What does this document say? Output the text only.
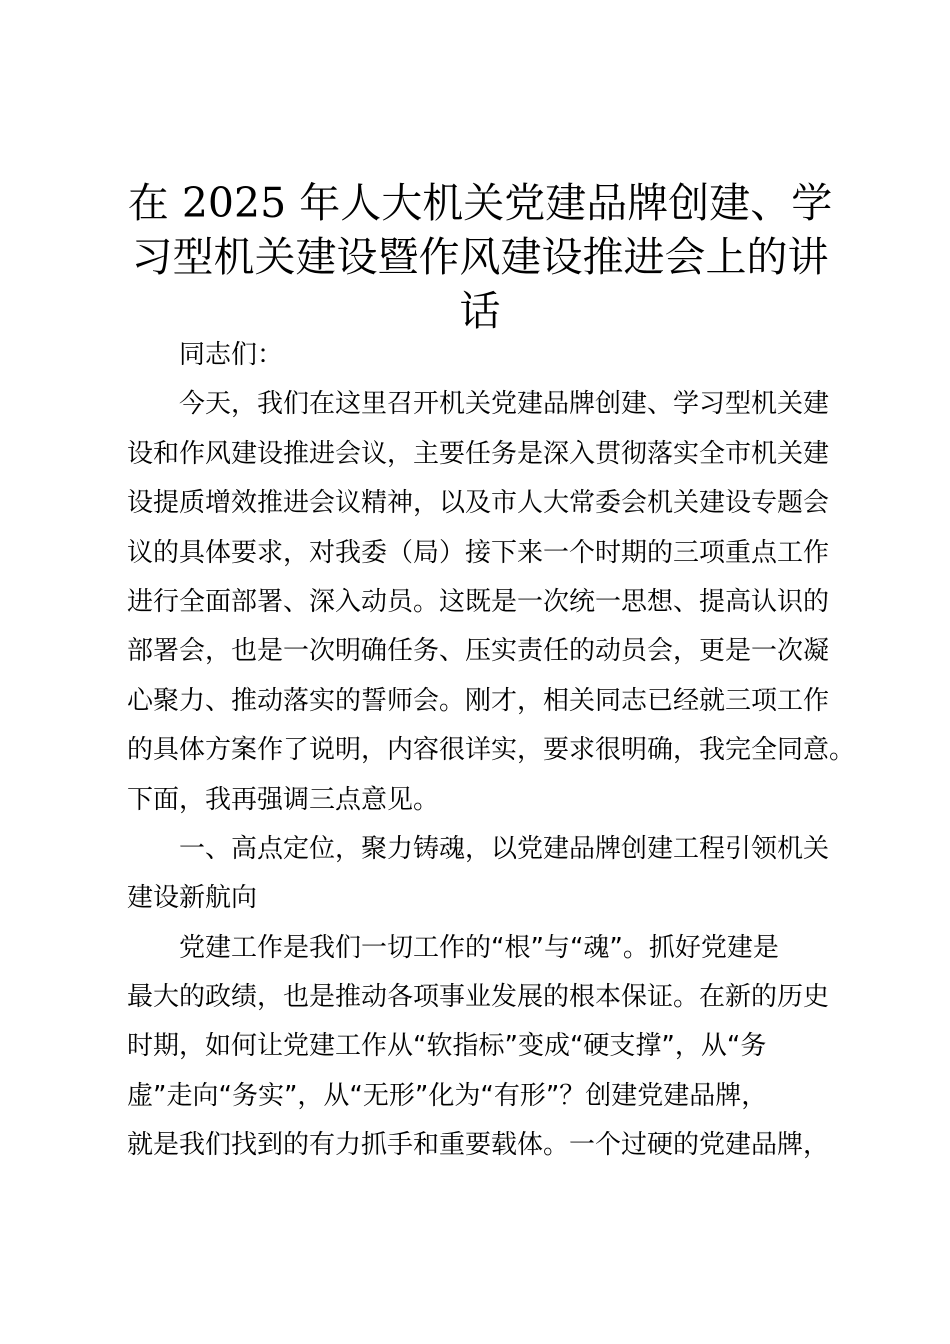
在 2025 年人大机关党建品牌创建、学
习型机关建设暨作风建设推进会上的讲
话

同志们：

今天，我们在这里召开机关党建品牌创建、学习型机关建
设和作风建设推进会议，主要任务是深入贯彻落实全市机关建
设提质增效推进会议精神，以及市人大常委会机关建设专题会
议的具体要求，对我委（局）接下来一个时期的三项重点工作
进行全面部署、深入动员。这既是一次统一思想、提高认识的
部署会，也是一次明确任务、压实责任的动员会，更是一次凝
心聚力、推动落实的誓师会。刚才，相关同志已经就三项工作
的具体方案作了说明，内容很详实，要求很明确，我完全同意。
下面，我再强调三点意见。

一、高点定位，聚力铸魂，以党建品牌创建工程引领机关
建设新航向

党建工作是我们一切工作的“根”与“魂”。抓好党建是
最大的政绩，也是推动各项事业发展的根本保证。在新的历史
时期，如何让党建工作从“软指标”变成“硬支撑”，从“务
虚”走向“务实”，从“无形”化为“有形”？创建党建品牌，
就是我们找到的有力抓手和重要载体。一个过硬的党建品牌，
